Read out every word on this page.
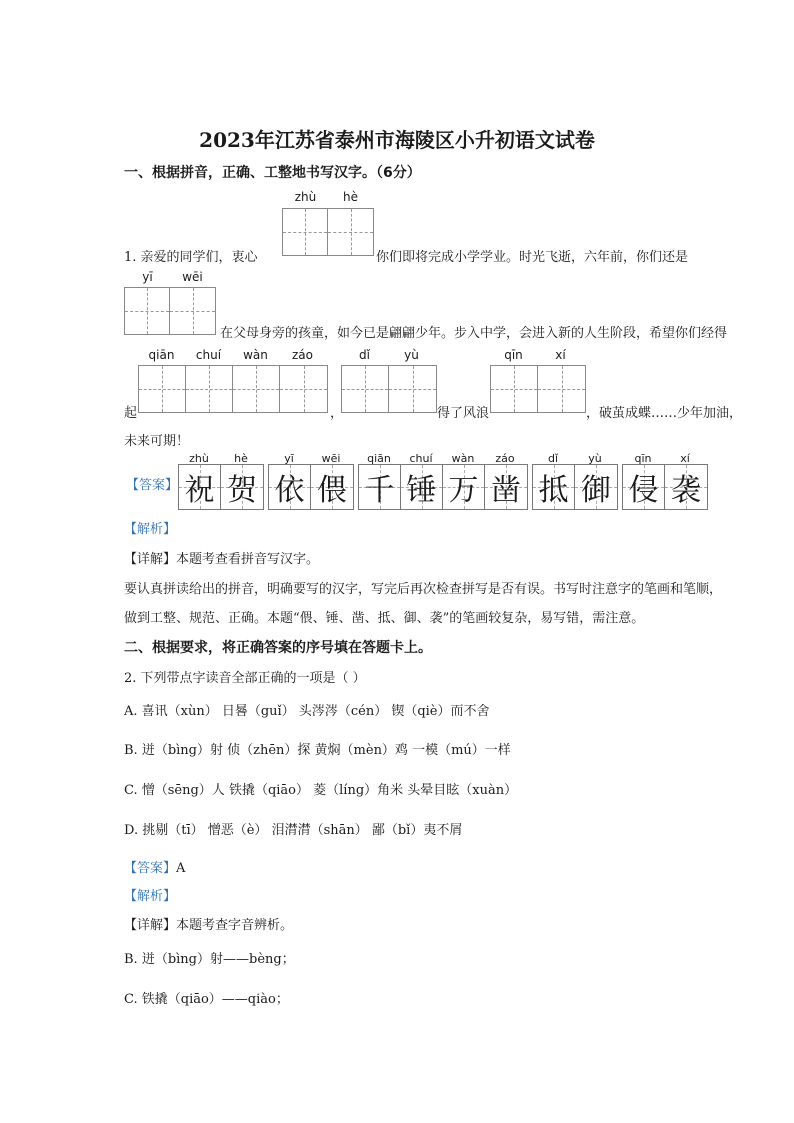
2023年江苏省泰州市海陵区小升初语文试卷
一、根据拼音，正确、工整地书写汉字。（6分）
zhù	hè
1. 亲爱的同学们，衷心	你们即将完成小学学业。时光飞逝，六年前，你们还是
yī	wēi
在父母身旁的孩童，如今已是翩翩少年。步入中学，会进入新的人生阶段，希望你们经得
qiān	chuí	wàn	záo	dǐ	yù	qīn	xí
起	，	得了风浪	，破茧成蝶……少年加油，
未来可期！
【答案】
zhù	hè
祝 贺
yī	wēi
依 偎
qiān	chuí	wàn	záo
千 锤 万 凿
dǐ	yù
抵 御
qīn	xí
侵 袭
【解析】
【详解】本题考查看拼音写汉字。
要认真拼读给出的拼音，明确要写的汉字，写完后再次检查拼写是否有误。书写时注意字的笔画和笔顺，
做到工整、规范、正确。本题“偎、锤、凿、抵、御、袭”的笔画较复杂，易写错，需注意。
二、根据要求，将正确答案的序号填在答题卡上。
2. 下列带点字读音全部正确的一项是（ ）
A. 喜讯（xùn） 日晷（guǐ） 头涔涔（cén） 锲（qiè）而不舍
B. 迸（bìng）射 侦（zhēn）探 黄焖（mèn）鸡 一模（mú）一样
C. 憎（sēng）人 铁撬（qiāo） 菱（líng）角米 头晕目眩（xuàn）
D. 挑剔（tī） 憎恶（è） 泪潸潸（shān） 鄙（bǐ）夷不屑
【答案】A
【解析】
【详解】本题考查字音辨析。
B. 迸（bìng）射——bèng；
C. 铁撬（qiāo）——qiào；
